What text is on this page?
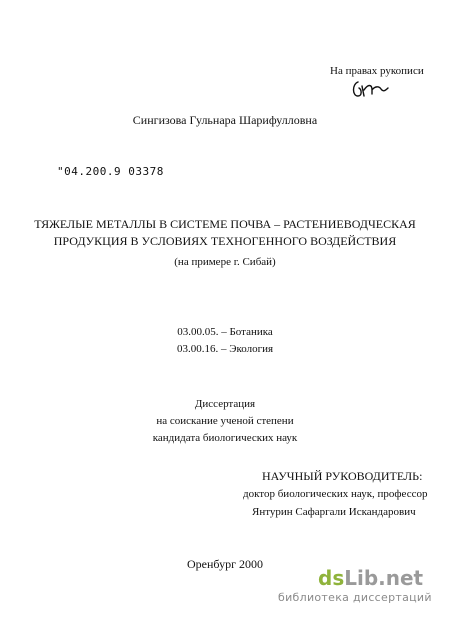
На правах рукописи
Сингизова Гульнара Шарифулловна
"04.200.9 03378
ТЯЖЕЛЫЕ МЕТАЛЛЫ В СИСТЕМЕ ПОЧВА – РАСТЕНИЕВОДЧЕСКАЯ
ПРОДУКЦИЯ В УСЛОВИЯХ ТЕХНОГЕННОГО ВОЗДЕЙСТВИЯ
(на примере г. Сибай)
03.00.05. – Ботаника
03.00.16. – Экология
Диссертация
на соискание ученой степени
кандидата биологических наук
НАУЧНЫЙ РУКОВОДИТЕЛЬ:
доктор биологических наук, профессор
Янтурин Сафаргали Искандарович
Оренбург 2000
dsLib.net
библиотека диссертаций
